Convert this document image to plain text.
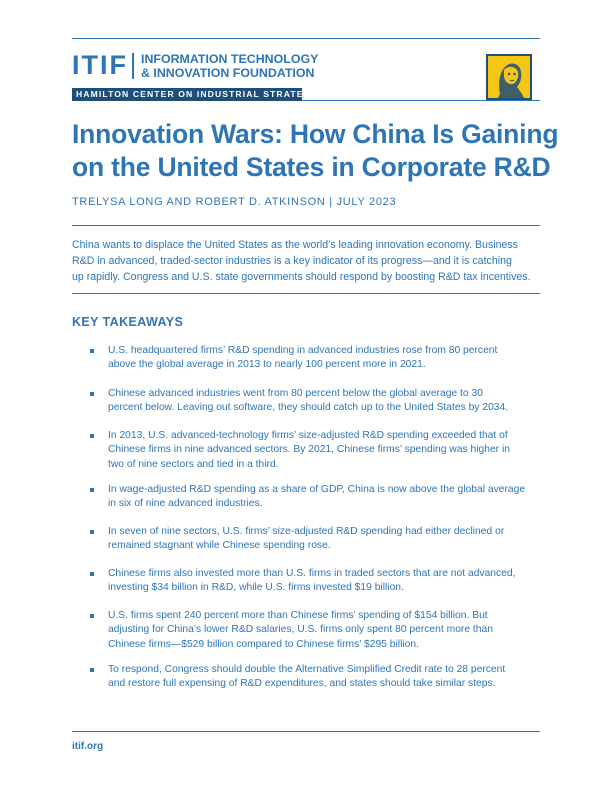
ITIF INFORMATION TECHNOLOGY
& INNOVATION FOUNDATION
HAMILTON CENTER ON INDUSTRIAL STRATEGY
Innovation Wars: How China Is Gaining
on the United States in Corporate R&D
TRELYSA LONG AND ROBERT D. ATKINSON | JULY 2023
China wants to displace the United States as the world’s leading innovation economy. Business
R&D in advanced, traded-sector industries is a key indicator of its progress—and it is catching
up rapidly. Congress and U.S. state governments should respond by boosting R&D tax incentives.
KEY TAKEAWAYS
U.S. headquartered firms’ R&D spending in advanced industries rose from 80 percent
above the global average in 2013 to nearly 100 percent more in 2021.
Chinese advanced industries went from 80 percent below the global average to 30
percent below. Leaving out software, they should catch up to the United States by 2034.
In 2013, U.S. advanced-technology firms’ size-adjusted R&D spending exceeded that of
Chinese firms in nine advanced sectors. By 2021, Chinese firms’ spending was higher in
two of nine sectors and tied in a third.
In wage-adjusted R&D spending as a share of GDP, China is now above the global average
in six of nine advanced industries.
In seven of nine sectors, U.S. firms’ size-adjusted R&D spending had either declined or
remained stagnant while Chinese spending rose.
Chinese firms also invested more than U.S. firms in traded sectors that are not advanced,
investing $34 billion in R&D, while U.S. firms invested $19 billion.
U.S. firms spent 240 percent more than Chinese firms’ spending of $154 billion. But
adjusting for China’s lower R&D salaries, U.S. firms only spent 80 percent more than
Chinese firms—$529 billion compared to Chinese firms’ $295 billion.
To respond, Congress should double the Alternative Simplified Credit rate to 28 percent
and restore full expensing of R&D expenditures, and states should take similar steps.
itif.org
